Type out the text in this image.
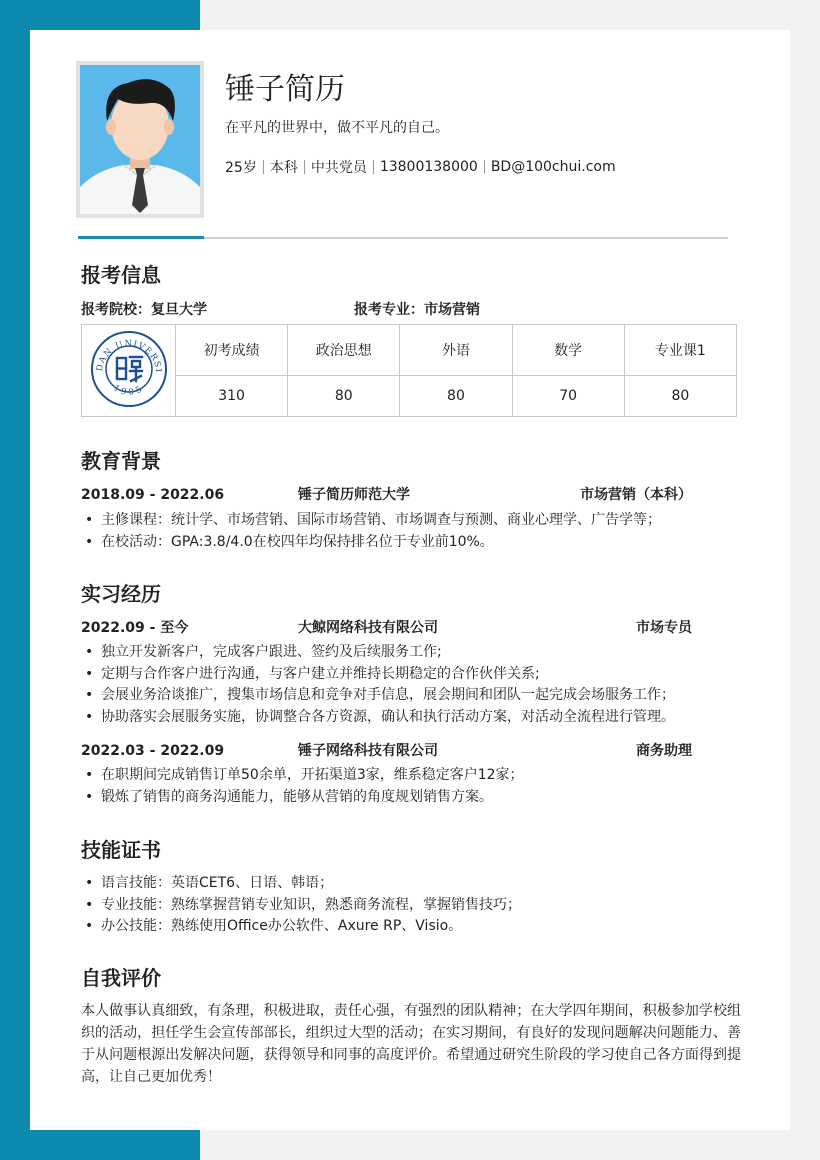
锤子简历
在平凡的世界中，做不平凡的自己。
25岁 本科 中共党员 13800138000 BD@100chui.com
报考信息
报考院校：复旦大学	报考专业：市场营销
DAN UNIVERSI
1905	初考成绩	政治思想	外语	数学	专业课1
	310	80	80	70	80
教育背景
2018.09 - 2022.06	锤子简历师范大学	市场营销（本科）
• 主修课程：统计学、市场营销、国际市场营销、市场调查与预测、商业心理学、广告学等；
• 在校活动：GPA:3.8/4.0在校四年均保持排名位于专业前10%。
实习经历
2022.09 - 至今	大鲸网络科技有限公司	市场专员
• 独立开发新客户，完成客户跟进、签约及后续服务工作;
• 定期与合作客户进行沟通，与客户建立并维持长期稳定的合作伙伴关系;
• 会展业务洽谈推广，搜集市场信息和竞争对手信息，展会期间和团队一起完成会场服务工作；
• 协助落实会展服务实施，协调整合各方资源，确认和执行活动方案，对活动全流程进行管理。
2022.03 - 2022.09	锤子网络科技有限公司	商务助理
• 在职期间完成销售订单50余单，开拓渠道3家，维系稳定客户12家；
• 锻炼了销售的商务沟通能力，能够从营销的角度规划销售方案。
技能证书
• 语言技能：英语CET6、日语、韩语；
• 专业技能：熟练掌握营销专业知识，熟悉商务流程，掌握销售技巧；
• 办公技能：熟练使用Office办公软件、Axure RP、Visio。
自我评价

本人做事认真细致，有条理，积极进取，责任心强，有强烈的团队精神；在大学四年期间，积极参加学校组织的活动，担任学生会宣传部部长，组织过大型的活动；在实习期间，有良好的发现问题解决问题能力、善于从问题根源出发解决问题，获得领导和同事的高度评价。希望通过研究生阶段的学习使自己各方面得到提高，让自己更加优秀！
